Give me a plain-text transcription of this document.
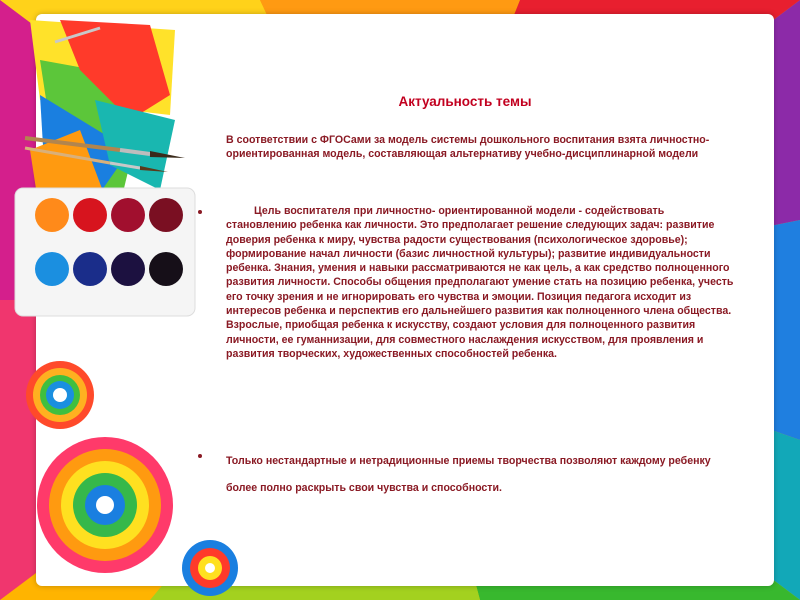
Актуальность темы
В соответствии с ФГОСами за модель системы дошкольного воспитания взята личностно-ориентированная модель, составляющая альтернативу учебно-дисциплинарной модели
Цель воспитателя при личностно- ориентированной модели - содействовать становлению ребенка как личности. Это предполагает решение следующих задач: развитие доверия ребенка к миру, чувства радости существования (психологическое здоровье); формирование начал личности (базис личностной культуры); развитие индивидуальности ребенка. Знания, умения и навыки рассматриваются не как цель, а как средство полноценного развития личности. Способы общения предполагают умение стать на позицию ребенка, учесть его точку зрения и не игнорировать его чувства и эмоции. Позиция педагога исходит из интересов ребенка и перспектив его дальнейшего развития как полноценного члена общества. Взрослые, приобщая ребенка к искусству, создают условия для полноценного развития личности, ее гуманнизации, для совместного наслаждения искусством, для проявления и развития творческих, художественных способностей ребенка.
Только нестандартные и нетрадиционные приемы творчества позволяют каждому ребенку более полно раскрыть свои чувства и способности.
